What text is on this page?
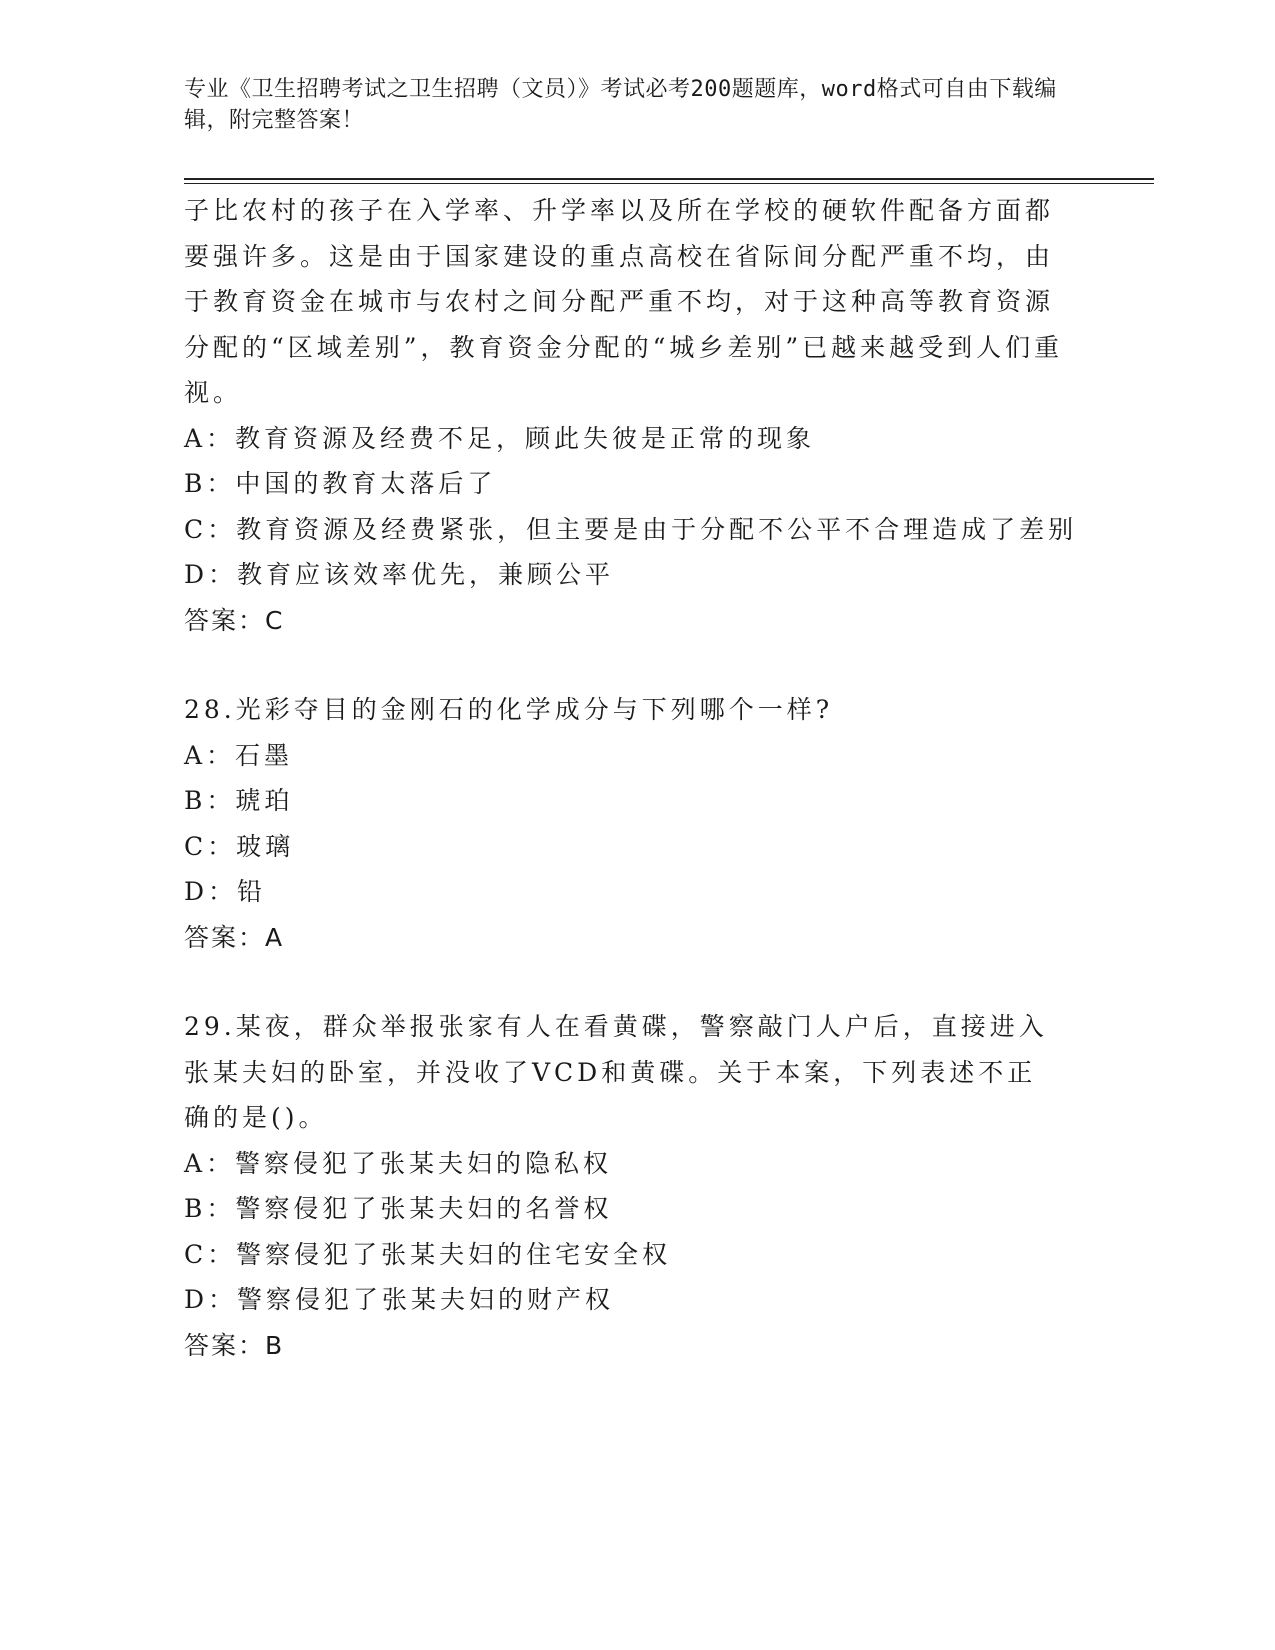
专业《卫生招聘考试之卫生招聘（文员）》考试必考200题题库，word格式可自由下载编辑，附完整答案！

子比农村的孩子在入学率、升学率以及所在学校的硬软件配备方面都要强许多。这是由于国家建设的重点高校在省际间分配严重不均，由于教育资金在城市与农村之间分配严重不均，对于这种高等教育资源分配的“区域差别”，教育资金分配的“城乡差别”已越来越受到人们重视。

A：教育资源及经费不足，顾此失彼是正常的现象

B：中国的教育太落后了

C：教育资源及经费紧张，但主要是由于分配不公平不合理造成了差别

D：教育应该效率优先，兼顾公平

答案：C

28.光彩夺目的金刚石的化学成分与下列哪个一样?

A：石墨

B：琥珀

C：玻璃

D：铅

答案：A

29.某夜，群众举报张家有人在看黄碟，警察敲门人户后，直接进入张某夫妇的卧室，并没收了VCD和黄碟。关于本案，下列表述不正确的是()。

A：警察侵犯了张某夫妇的隐私权

B：警察侵犯了张某夫妇的名誉权

C：警察侵犯了张某夫妇的住宅安全权

D：警察侵犯了张某夫妇的财产权

答案：B
